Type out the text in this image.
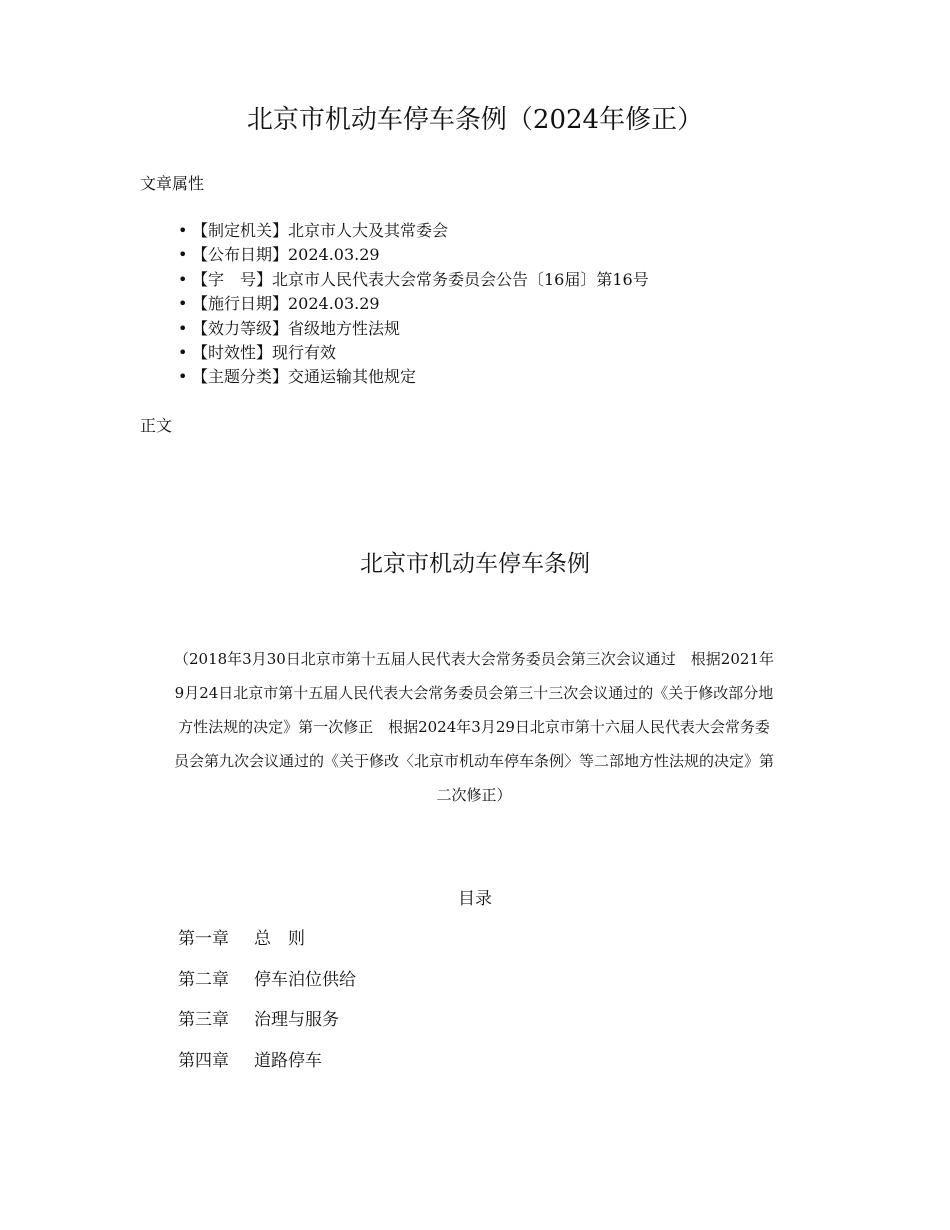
北京市机动车停车条例（2024年修正）

文章属性

• 【制定机关】北京市人大及其常委会
• 【公布日期】2024.03.29
• 【字　号】北京市人民代表大会常务委员会公告〔16届〕第16号
• 【施行日期】2024.03.29
• 【效力等级】省级地方性法规
• 【时效性】现行有效
• 【主题分类】交通运输其他规定

正文

北京市机动车停车条例

（2018年3月30日北京市第十五届人民代表大会常务委员会第三次会议通过　根据2021年
9月24日北京市第十五届人民代表大会常务委员会第三十三次会议通过的《关于修改部分地
方性法规的决定》第一次修正　根据2024年3月29日北京市第十六届人民代表大会常务委
员会第九次会议通过的《关于修改〈北京市机动车停车条例〉等二部地方性法规的决定》第
二次修正）

目录

第一章 总　则
第二章 停车泊位供给
第三章 治理与服务
第四章 道路停车
